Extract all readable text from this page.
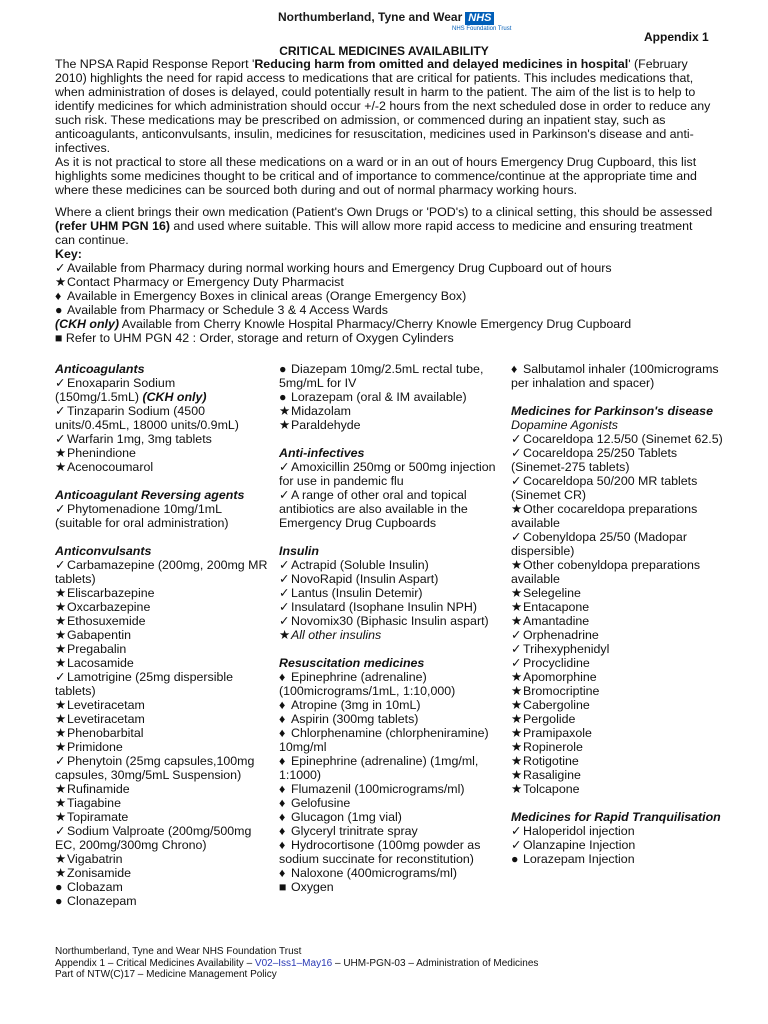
Northumberland, Tyne and Wear NHS
NHS Foundation Trust
Appendix 1
CRITICAL MEDICINES AVAILABILITY

The NPSA Rapid Response Report 'Reducing harm from omitted and delayed medicines in hospital' (February 2010) highlights the need for rapid access to medications that are critical for patients. This includes medications that, when administration of doses is delayed, could potentially result in harm to the patient. The aim of the list is to help to identify medicines for which administration should occur +/-2 hours from the next scheduled dose in order to reduce any such risk. These medications may be prescribed on admission, or commenced during an inpatient stay, such as anticoagulants, anticonvulsants, insulin, medicines for resuscitation, medicines used in Parkinson's disease and anti-infectives.

As it is not practical to store all these medications on a ward or in an out of hours Emergency Drug Cupboard, this list highlights some medicines thought to be critical and of importance to commence/continue at the appropriate time and where these medicines can be sourced both during and out of normal pharmacy working hours.

Where a client brings their own medication (Patient's Own Drugs or 'POD's) to a clinical setting, this should be assessed (refer UHM PGN 16) and used where suitable. This will allow more rapid access to medicine and ensuring treatment can continue.

Key:
✓ Available from Pharmacy during normal working hours and Emergency Drug Cupboard out of hours
★Contact Pharmacy or Emergency Duty Pharmacist
♦ Available in Emergency Boxes in clinical areas (Orange Emergency Box)
● Available from Pharmacy or Schedule 3 & 4 Access Wards
(CKH only) Available from Cherry Knowle Hospital Pharmacy/Cherry Knowle Emergency Drug Cupboard
■ Refer to UHM PGN 42 : Order, storage and return of Oxygen Cylinders
Anticoagulants
✓ Enoxaparin Sodium
(150mg/1.5mL) (CKH only)
✓ Tinzaparin Sodium (4500 units/0.45mL, 18000 units/0.9mL)
✓ Warfarin 1mg, 3mg tablets
★Phenindione
★Acenocoumarol
Anticoagulant Reversing agents
✓ Phytomenadione 10mg/1mL (suitable for oral administration)
Anticonvulsants
✓ Carbamazepine (200mg, 200mg MR tablets)
★Eliscarbazepine
★Oxcarbazepine
★Ethosuxemide
★Gabapentin
★Pregabalin
★Lacosamide
✓ Lamotrigine (25mg dispersible tablets)
★Levetiracetam
★Levetiracetam
★Phenobarbital
★Primidone
✓ Phenytoin (25mg capsules,100mg capsules, 30mg/5mL Suspension)
★Rufinamide
★Tiagabine
★Topiramate
✓ Sodium Valproate (200mg/500mg EC, 200mg/300mg Chrono)
★Vigabatrin
★Zonisamide
● Clobazam
● Clonazepam
● Diazepam 10mg/2.5mL rectal tube, 5mg/mL for IV
● Lorazepam (oral & IM available)
★Midazolam
★Paraldehyde
Anti-infectives
✓ Amoxicillin 250mg or 500mg injection for use in pandemic flu
✓ A range of other oral and topical antibiotics are also available in the Emergency Drug Cupboards
Insulin
✓ Actrapid (Soluble Insulin)
✓ NovoRapid (Insulin Aspart)
✓ Lantus (Insulin Detemir)
✓ Insulatard (Isophane Insulin NPH)
✓ Novomix30 (Biphasic Insulin aspart)
★All other insulins
Resuscitation medicines
♦ Epinephrine (adrenaline) (100micrograms/1mL, 1:10,000)
♦ Atropine (3mg in 10mL)
♦ Aspirin (300mg tablets)
♦ Chlorphenamine (chlorpheniramine) 10mg/ml
♦ Epinephrine (adrenaline) (1mg/ml, 1:1000)
♦ Flumazenil (100micrograms/ml)
♦ Gelofusine
♦ Glucagon (1mg vial)
♦ Glyceryl trinitrate spray
♦ Hydrocortisone (100mg powder as sodium succinate for reconstitution)
♦ Naloxone (400micrograms/ml)
■ Oxygen
♦ Salbutamol inhaler (100micrograms per inhalation and spacer)
Medicines for Parkinson's disease
Dopamine Agonists
✓ Cocareldopa 12.5/50 (Sinemet 62.5)
✓ Cocareldopa 25/250 Tablets (Sinemet-275 tablets)
✓ Cocareldopa 50/200 MR tablets (Sinemet CR)
★Other cocareldopa preparations available
✓ Cobenyldopa 25/50 (Madopar dispersible)
★Other cobenyldopa preparations available
★Selegeline
★Entacapone
★Amantadine
✓ Orphenadrine
✓ Trihexyphenidyl
✓ Procyclidine
★Apomorphine
★Bromocriptine
★Cabergoline
★Pergolide
★Pramipaxole
★Ropinerole
★Rotigotine
★Rasaligine
★Tolcapone
Medicines for Rapid Tranquilisation
✓ Haloperidol injection
✓ Olanzapine Injection
● Lorazepam Injection
Northumberland, Tyne and Wear NHS Foundation Trust
Appendix 1 – Critical Medicines Availability – V02–Iss1–May16 – UHM-PGN-03 – Administration of Medicines
Part of NTW(C)17 – Medicine Management Policy
